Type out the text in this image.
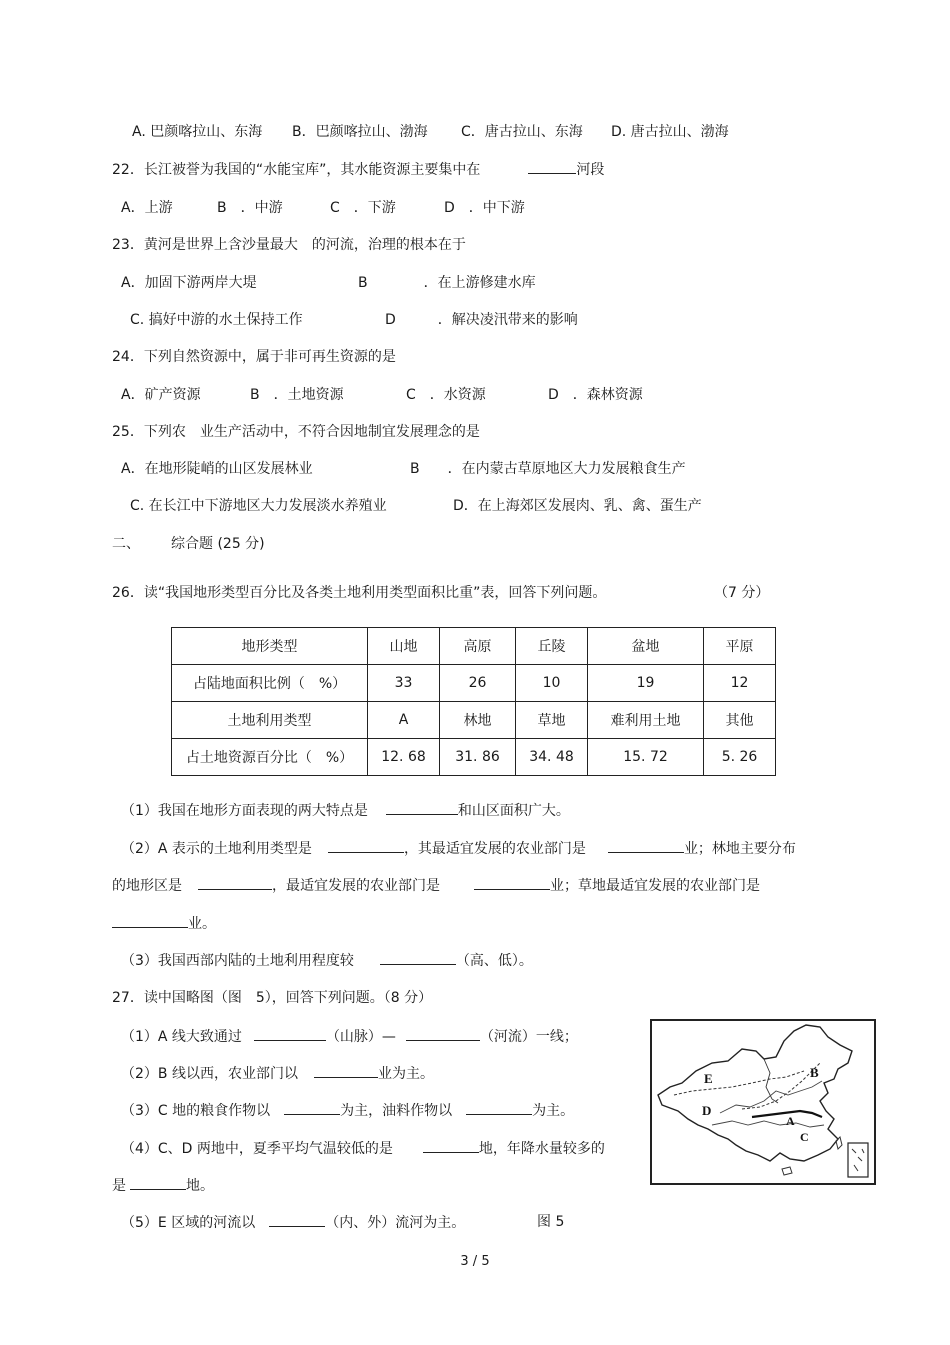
A. 巴颜喀拉山、东海 B．巴颜喀拉山、渤海 C．唐古拉山、东海 D. 唐古拉山、渤海
22．长江被誉为我国的“水能宝库”，其水能资源主要集中在	河段
A．上游	B　．中游	C　．下游	D　．中下游
23．黄河是世界上含沙量最大　的河流，治理的根本在于
A．加固下游两岸大堤	B　　　　．在上游修建水库
C. 搞好中游的水土保持工作	D　　　．解决凌汛带来的影响
24．下列自然资源中，属于非可再生资源的是
A．矿产资源	B　．土地资源	C　．水资源	D　．森林资源
25．下列农　业生产活动中，不符合因地制宜发展理念的是
A．在地形陡峭的山区发展林业	B　　．在内蒙古草原地区大力发展粮食生产
C. 在长江中下游地区大力发展淡水养殖业	D．在上海郊区发展肉、乳、禽、蛋生产
二、 综合题 (25 分)
26．读“我国地形类型百分比及各类土地利用类型面积比重”表，回答下列问题。	（7 分）
地形类型	山地	高原	丘陵	盆地	平原
占陆地面积比例（　%）	33	26	10	19	12
土地利用类型	A	林地	草地	难利用土地	其他
占土地资源百分比（　%）	12. 68	31. 86	34. 48	15. 72	5. 26
（1）我国在地形方面表现的两大特点是	和山区面积广大。
（2）A 表示的土地利用类型是	，其最适宜发展的农业部门是	业；林地主要分布
的地形区是	，最适宜发展的农业部门是	业；草地最适宜发展的农业部门是
业。
（3）我国西部内陆的土地利用程度较	（高、低）。
27．读中国略图（图　5），回答下列问题。（8 分）
（1）A 线大致通过	（山脉）—	（河流）一线；
（2）B 线以西，农业部门以	业为主。
（3）C 地的粮食作物以	为主，油料作物以	为主。
（4）C、D 两地中，夏季平均气温较低的是	地，年降水量较多的
是	地。
（5）E 区域的河流以	（内、外）流河为主。	图 5
E	B
D
A
C
3 / 5
